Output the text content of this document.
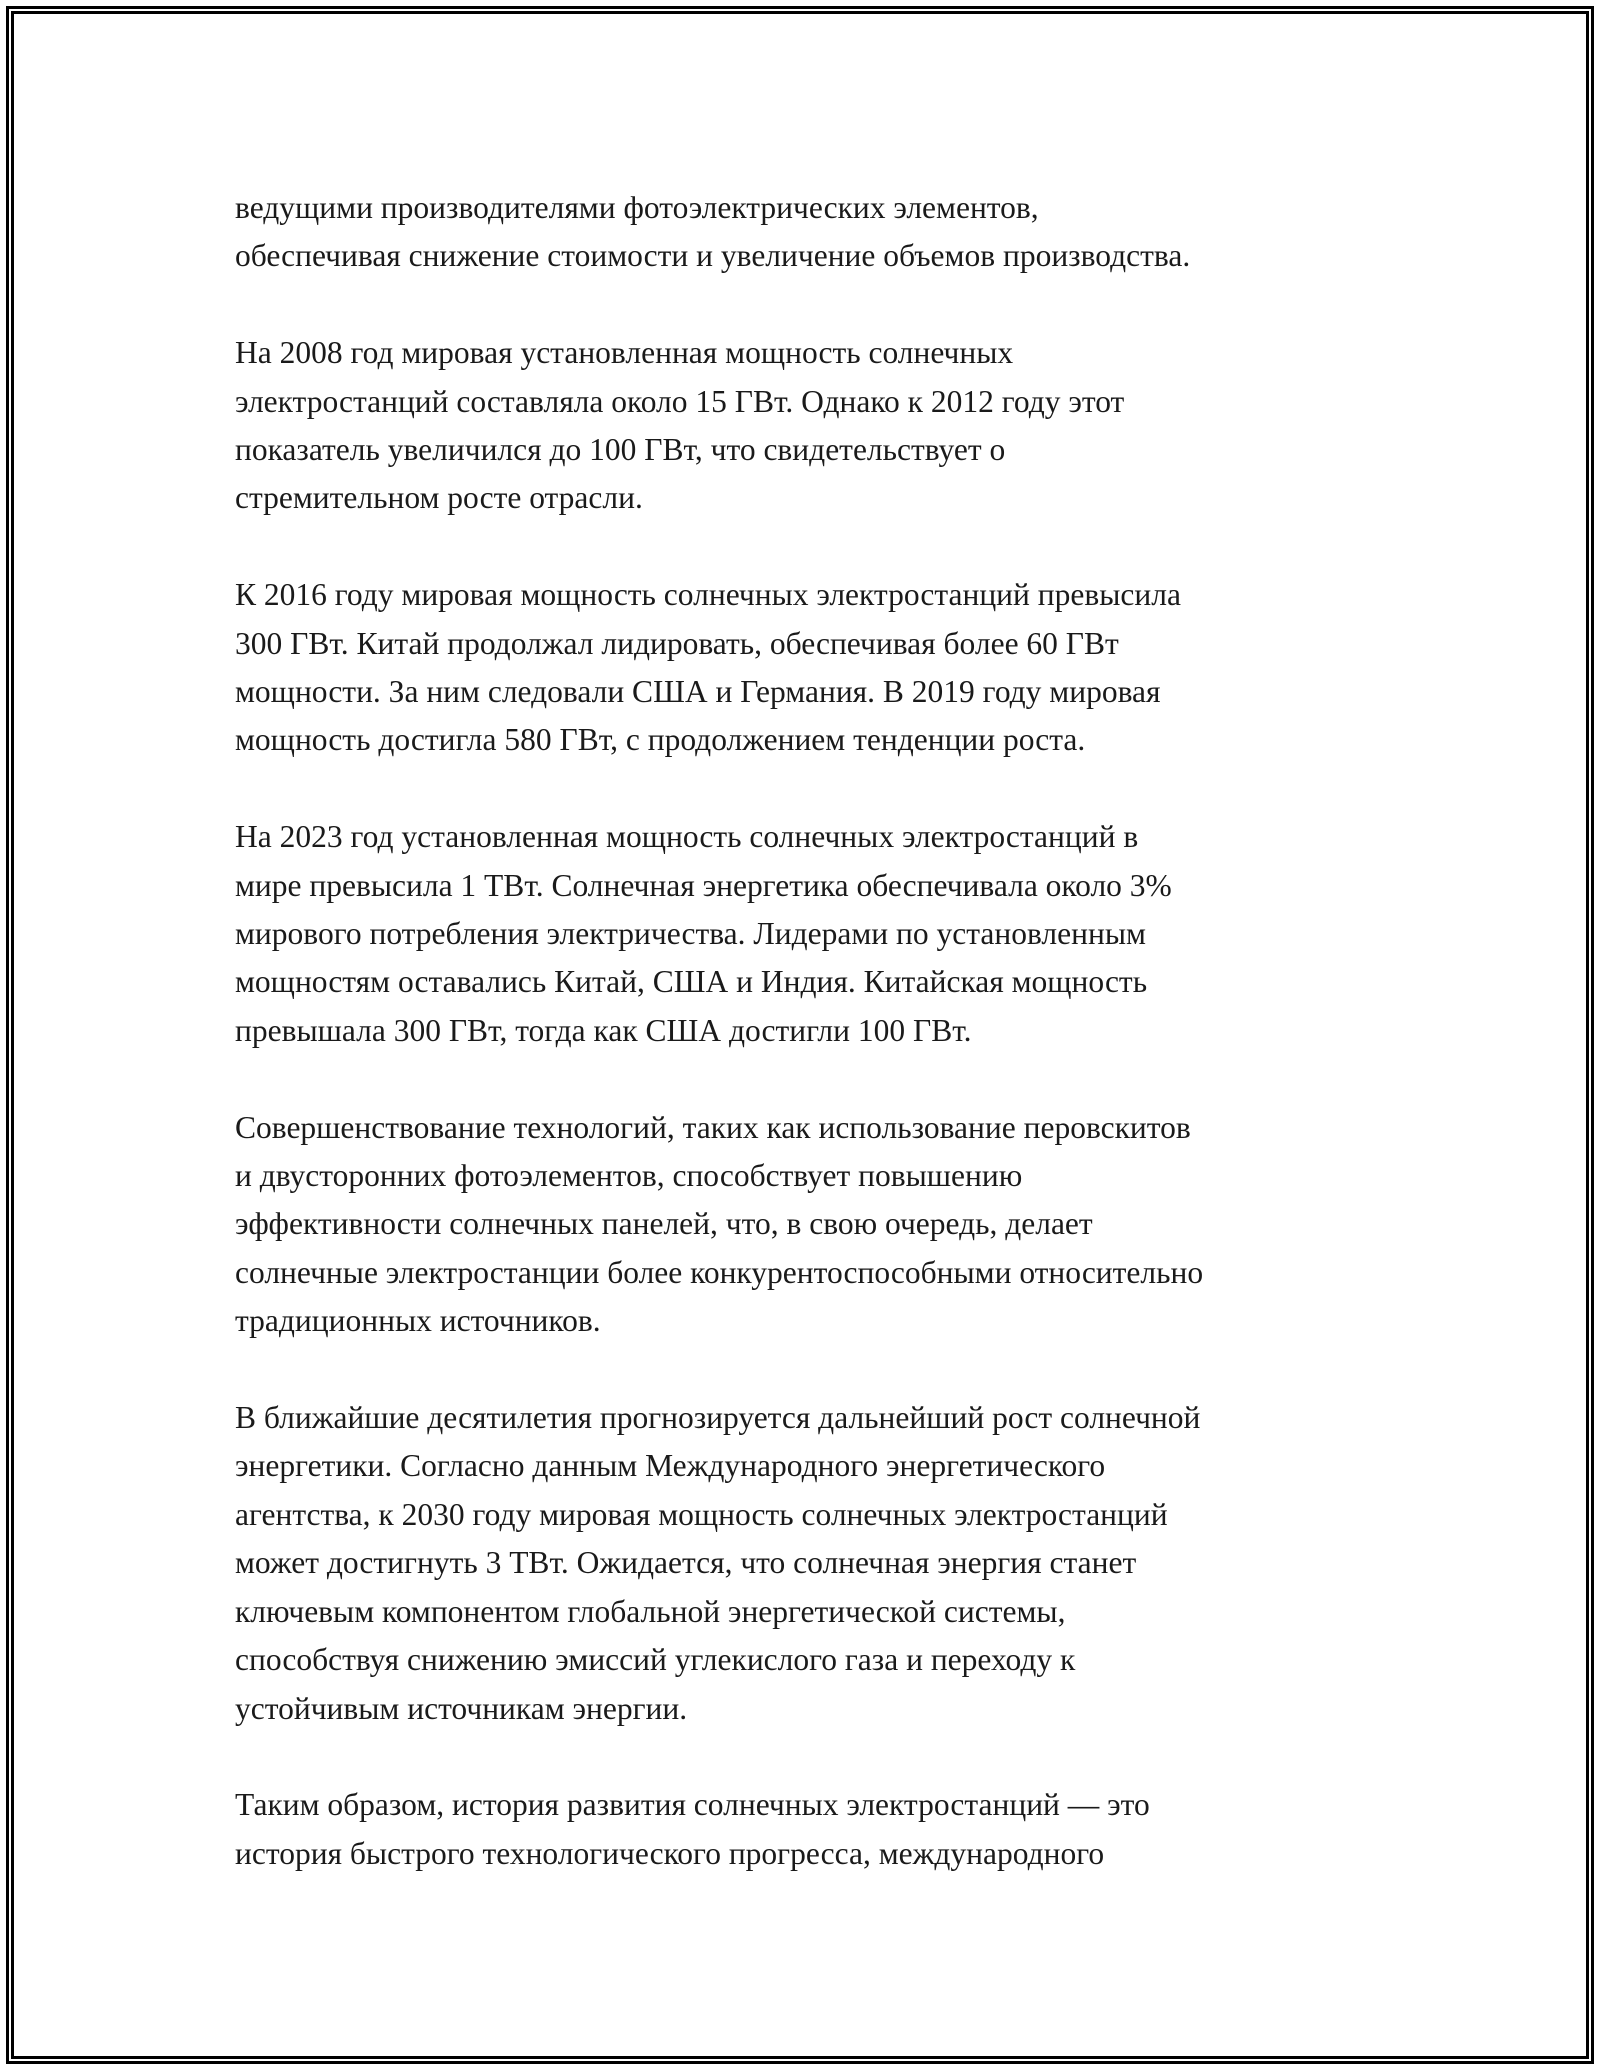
ведущими производителями фотоэлектрических элементов,
обеспечивая снижение стоимости и увеличение объемов производства.

На 2008 год мировая установленная мощность солнечных
электростанций составляла около 15 ГВт. Однако к 2012 году этот
показатель увеличился до 100 ГВт, что свидетельствует о
стремительном росте отрасли.

К 2016 году мировая мощность солнечных электростанций превысила
300 ГВт. Китай продолжал лидировать, обеспечивая более 60 ГВт
мощности. За ним следовали США и Германия. В 2019 году мировая
мощность достигла 580 ГВт, с продолжением тенденции роста.

На 2023 год установленная мощность солнечных электростанций в
мире превысила 1 ТВт. Солнечная энергетика обеспечивала около 3%
мирового потребления электричества. Лидерами по установленным
мощностям оставались Китай, США и Индия. Китайская мощность
превышала 300 ГВт, тогда как США достигли 100 ГВт.

Совершенствование технологий, таких как использование перовскитов
и двусторонних фотоэлементов, способствует повышению
эффективности солнечных панелей, что, в свою очередь, делает
солнечные электростанции более конкурентоспособными относительно
традиционных источников.

В ближайшие десятилетия прогнозируется дальнейший рост солнечной
энергетики. Согласно данным Международного энергетического
агентства, к 2030 году мировая мощность солнечных электростанций
может достигнуть 3 ТВт. Ожидается, что солнечная энергия станет
ключевым компонентом глобальной энергетической системы,
способствуя снижению эмиссий углекислого газа и переходу к
устойчивым источникам энергии.

Таким образом, история развития солнечных электростанций — это
история быстрого технологического прогресса, международного
